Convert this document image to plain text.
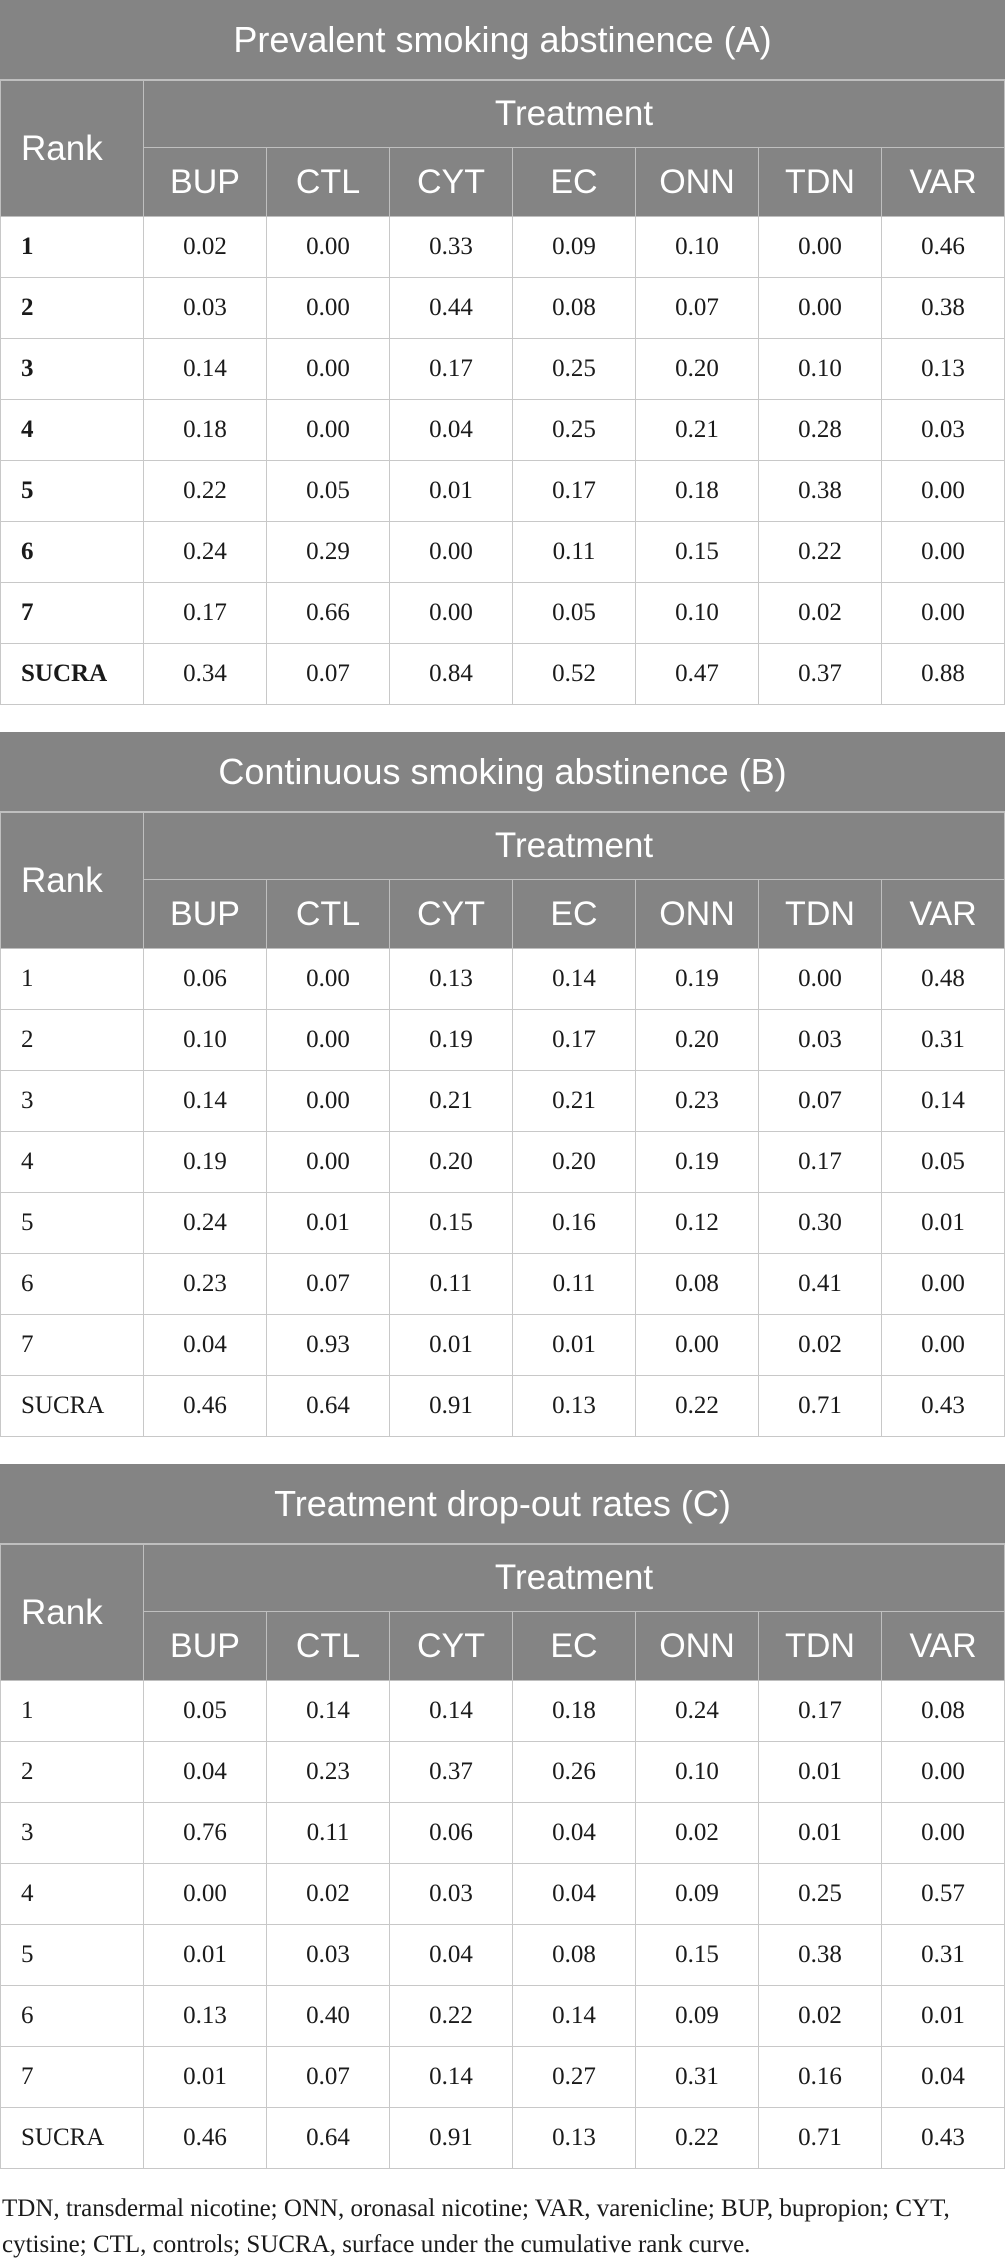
Prevalent smoking abstinence (A)
Rank	Treatment						
	BUP	CTL	CYT	EC	ONN	TDN	VAR
1	0.02	0.00	0.33	0.09	0.10	0.00	0.46
2	0.03	0.00	0.44	0.08	0.07	0.00	0.38
3	0.14	0.00	0.17	0.25	0.20	0.10	0.13
4	0.18	0.00	0.04	0.25	0.21	0.28	0.03
5	0.22	0.05	0.01	0.17	0.18	0.38	0.00
6	0.24	0.29	0.00	0.11	0.15	0.22	0.00
7	0.17	0.66	0.00	0.05	0.10	0.02	0.00
SUCRA	0.34	0.07	0.84	0.52	0.47	0.37	0.88
Continuous smoking abstinence (B)
Rank	Treatment						
	BUP	CTL	CYT	EC	ONN	TDN	VAR
1	0.06	0.00	0.13	0.14	0.19	0.00	0.48
2	0.10	0.00	0.19	0.17	0.20	0.03	0.31
3	0.14	0.00	0.21	0.21	0.23	0.07	0.14
4	0.19	0.00	0.20	0.20	0.19	0.17	0.05
5	0.24	0.01	0.15	0.16	0.12	0.30	0.01
6	0.23	0.07	0.11	0.11	0.08	0.41	0.00
7	0.04	0.93	0.01	0.01	0.00	0.02	0.00
SUCRA	0.46	0.64	0.91	0.13	0.22	0.71	0.43
Treatment drop-out rates (C)
Rank	Treatment						
	BUP	CTL	CYT	EC	ONN	TDN	VAR
1	0.05	0.14	0.14	0.18	0.24	0.17	0.08
2	0.04	0.23	0.37	0.26	0.10	0.01	0.00
3	0.76	0.11	0.06	0.04	0.02	0.01	0.00
4	0.00	0.02	0.03	0.04	0.09	0.25	0.57
5	0.01	0.03	0.04	0.08	0.15	0.38	0.31
6	0.13	0.40	0.22	0.14	0.09	0.02	0.01
7	0.01	0.07	0.14	0.27	0.31	0.16	0.04
SUCRA	0.46	0.64	0.91	0.13	0.22	0.71	0.43
TDN, transdermal nicotine; ONN, oronasal nicotine; VAR, varenicline; BUP, bupropion; CYT, cytisine; CTL, controls; SUCRA, surface under the cumulative rank curve.
